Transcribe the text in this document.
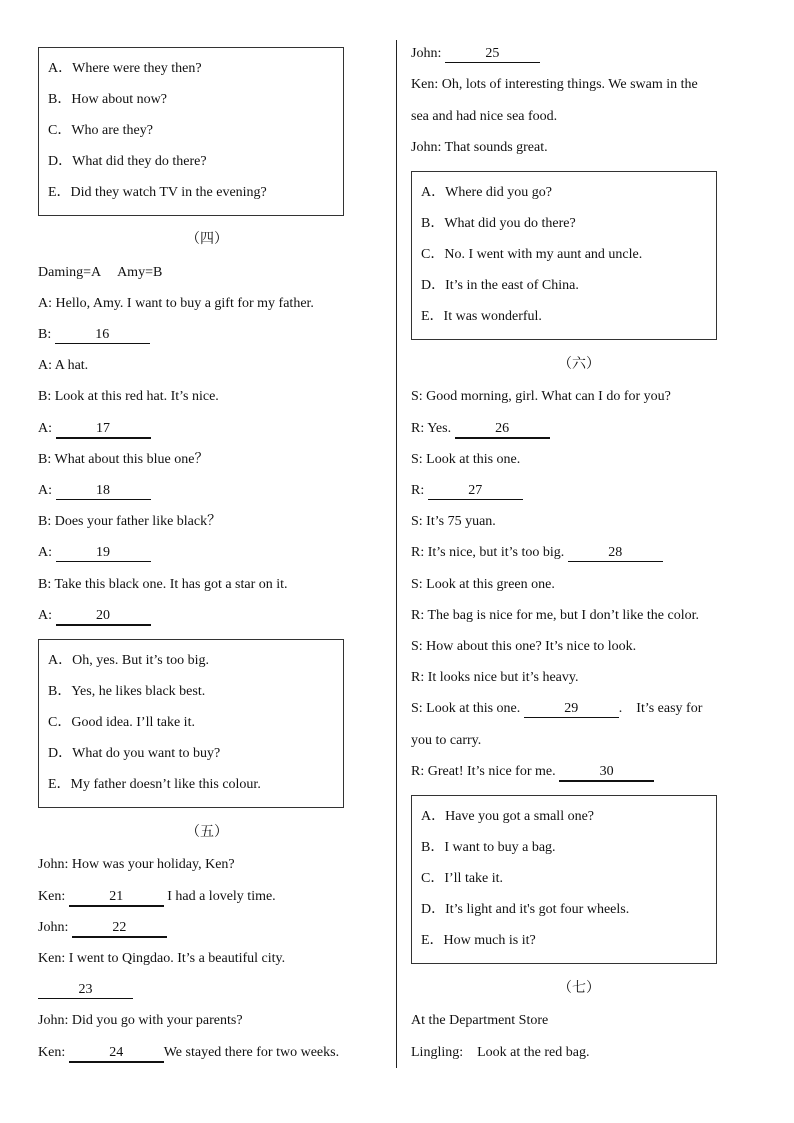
A．Where were they then?
B．How about now?
C．Who are they?
D．What did they do there?
E．Did they watch TV in the evening?
（四）
Daming=A　 Amy=B
A: Hello, Amy. I want to buy a gift for my father.
B:	16
A: A hat.
B: Look at this red hat. It’s nice.
A:	17
B: What about this blue one？
A:	18
B: Does your father like black？
A:	19
B: Take this black one. It has got a star on it.
A:	20
A．Oh, yes. But it’s too big.
B．Yes, he likes black best.
C．Good idea. I’ll take it.
D．What do you want to buy?
E．My father doesn’t like this colour.
（五）
John: How was your holiday, Ken?
Ken:	21	I had a lovely time.
John:	22
Ken: I went to Qingdao. It’s a beautiful city.
23
John: Did you go with your parents?
Ken:	24	We stayed there for two weeks.
John:	25
Ken: Oh, lots of interesting things. We swam in the
sea and had nice sea food.
John: That sounds great.
A．Where did you go?
B．What did you do there?
C．No. I went with my aunt and uncle.
D．It’s in the east of China.
E．It was wonderful.
（六）
S: Good morning, girl. What can I do for you?
R: Yes.	26
S: Look at this one.
R:	27
S: It’s 75 yuan.
R: It’s nice, but it’s too big.	28
S: Look at this green one.
R: The bag is nice for me, but I don’t like the color.
S: How about this one? It’s nice to look.
R: It looks nice but it’s heavy.
S: Look at this one.	29	.　It’s easy for
you to carry.
R: Great! It’s nice for me.	30
A．Have you got a small one?
B．I want to buy a bag.
C．I’ll take it.
D．It’s light and it's got four wheels.
E．How much is it?
（七）
At the Department Store
Lingling:　Look at the red bag.
